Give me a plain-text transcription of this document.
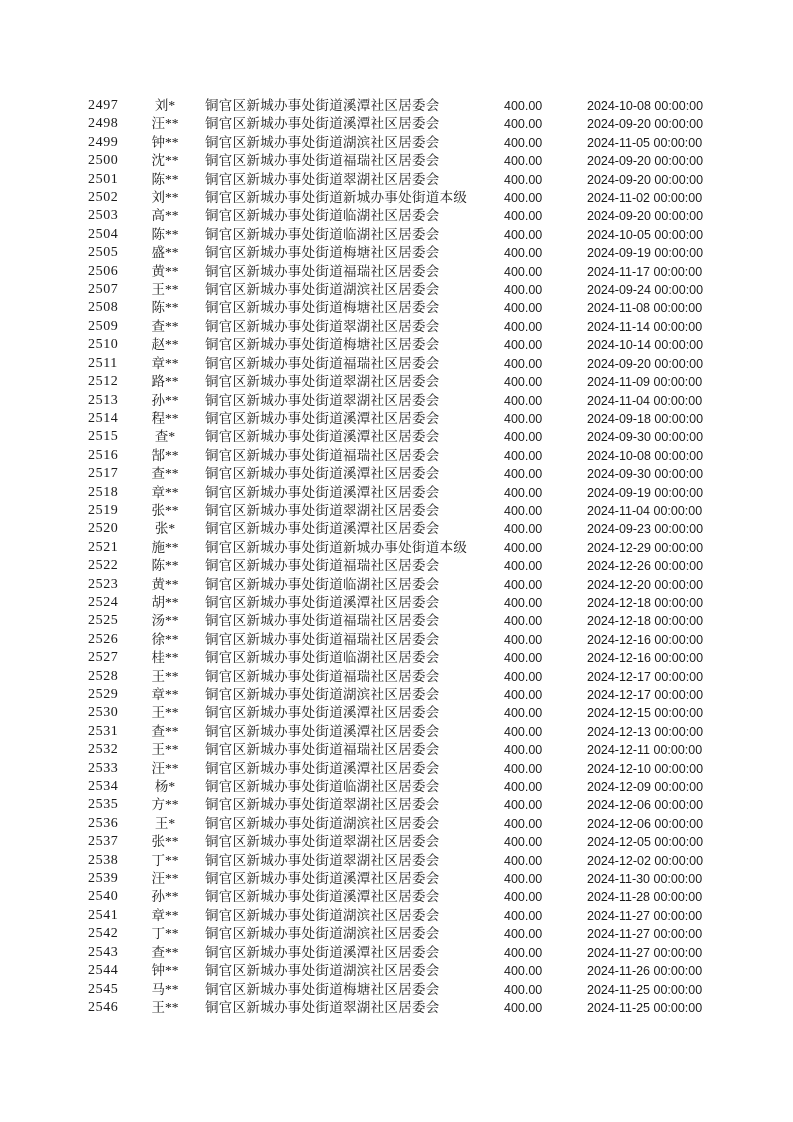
2497	刘*	铜官区新城办事处街道溪潭社区居委会	400.00	2024-10-08 00:00:00
2498	汪**	铜官区新城办事处街道溪潭社区居委会	400.00	2024-09-20 00:00:00
2499	钟**	铜官区新城办事处街道湖滨社区居委会	400.00	2024-11-05 00:00:00
2500	沈**	铜官区新城办事处街道福瑞社区居委会	400.00	2024-09-20 00:00:00
2501	陈**	铜官区新城办事处街道翠湖社区居委会	400.00	2024-09-20 00:00:00
2502	刘**	铜官区新城办事处街道新城办事处街道本级	400.00	2024-11-02 00:00:00
2503	高**	铜官区新城办事处街道临湖社区居委会	400.00	2024-09-20 00:00:00
2504	陈**	铜官区新城办事处街道临湖社区居委会	400.00	2024-10-05 00:00:00
2505	盛**	铜官区新城办事处街道梅塘社区居委会	400.00	2024-09-19 00:00:00
2506	黄**	铜官区新城办事处街道福瑞社区居委会	400.00	2024-11-17 00:00:00
2507	王**	铜官区新城办事处街道湖滨社区居委会	400.00	2024-09-24 00:00:00
2508	陈**	铜官区新城办事处街道梅塘社区居委会	400.00	2024-11-08 00:00:00
2509	查**	铜官区新城办事处街道翠湖社区居委会	400.00	2024-11-14 00:00:00
2510	赵**	铜官区新城办事处街道梅塘社区居委会	400.00	2024-10-14 00:00:00
2511	章**	铜官区新城办事处街道福瑞社区居委会	400.00	2024-09-20 00:00:00
2512	路**	铜官区新城办事处街道翠湖社区居委会	400.00	2024-11-09 00:00:00
2513	孙**	铜官区新城办事处街道翠湖社区居委会	400.00	2024-11-04 00:00:00
2514	程**	铜官区新城办事处街道溪潭社区居委会	400.00	2024-09-18 00:00:00
2515	查*	铜官区新城办事处街道溪潭社区居委会	400.00	2024-09-30 00:00:00
2516	郜**	铜官区新城办事处街道福瑞社区居委会	400.00	2024-10-08 00:00:00
2517	查**	铜官区新城办事处街道溪潭社区居委会	400.00	2024-09-30 00:00:00
2518	章**	铜官区新城办事处街道溪潭社区居委会	400.00	2024-09-19 00:00:00
2519	张**	铜官区新城办事处街道翠湖社区居委会	400.00	2024-11-04 00:00:00
2520	张*	铜官区新城办事处街道溪潭社区居委会	400.00	2024-09-23 00:00:00
2521	施**	铜官区新城办事处街道新城办事处街道本级	400.00	2024-12-29 00:00:00
2522	陈**	铜官区新城办事处街道福瑞社区居委会	400.00	2024-12-26 00:00:00
2523	黄**	铜官区新城办事处街道临湖社区居委会	400.00	2024-12-20 00:00:00
2524	胡**	铜官区新城办事处街道溪潭社区居委会	400.00	2024-12-18 00:00:00
2525	汤**	铜官区新城办事处街道福瑞社区居委会	400.00	2024-12-18 00:00:00
2526	徐**	铜官区新城办事处街道福瑞社区居委会	400.00	2024-12-16 00:00:00
2527	桂**	铜官区新城办事处街道临湖社区居委会	400.00	2024-12-16 00:00:00
2528	王**	铜官区新城办事处街道福瑞社区居委会	400.00	2024-12-17 00:00:00
2529	章**	铜官区新城办事处街道湖滨社区居委会	400.00	2024-12-17 00:00:00
2530	王**	铜官区新城办事处街道溪潭社区居委会	400.00	2024-12-15 00:00:00
2531	查**	铜官区新城办事处街道溪潭社区居委会	400.00	2024-12-13 00:00:00
2532	王**	铜官区新城办事处街道福瑞社区居委会	400.00	2024-12-11 00:00:00
2533	汪**	铜官区新城办事处街道溪潭社区居委会	400.00	2024-12-10 00:00:00
2534	杨*	铜官区新城办事处街道临湖社区居委会	400.00	2024-12-09 00:00:00
2535	方**	铜官区新城办事处街道翠湖社区居委会	400.00	2024-12-06 00:00:00
2536	王*	铜官区新城办事处街道湖滨社区居委会	400.00	2024-12-06 00:00:00
2537	张**	铜官区新城办事处街道翠湖社区居委会	400.00	2024-12-05 00:00:00
2538	丁**	铜官区新城办事处街道翠湖社区居委会	400.00	2024-12-02 00:00:00
2539	汪**	铜官区新城办事处街道溪潭社区居委会	400.00	2024-11-30 00:00:00
2540	孙**	铜官区新城办事处街道溪潭社区居委会	400.00	2024-11-28 00:00:00
2541	章**	铜官区新城办事处街道湖滨社区居委会	400.00	2024-11-27 00:00:00
2542	丁**	铜官区新城办事处街道湖滨社区居委会	400.00	2024-11-27 00:00:00
2543	查**	铜官区新城办事处街道溪潭社区居委会	400.00	2024-11-27 00:00:00
2544	钟**	铜官区新城办事处街道湖滨社区居委会	400.00	2024-11-26 00:00:00
2545	马**	铜官区新城办事处街道梅塘社区居委会	400.00	2024-11-25 00:00:00
2546	王**	铜官区新城办事处街道翠湖社区居委会	400.00	2024-11-25 00:00:00
